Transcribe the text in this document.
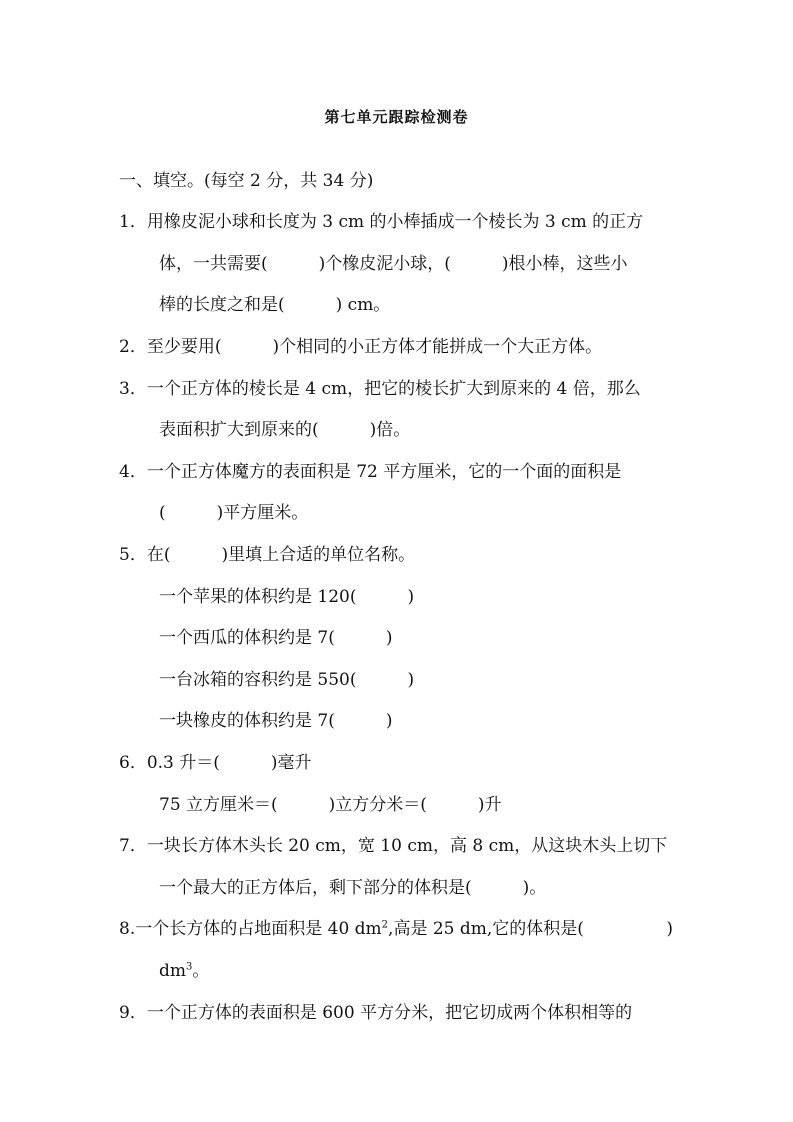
第七单元跟踪检测卷
一、填空。(每空 2 分，共 34 分)
1．用橡皮泥小球和长度为 3 cm 的小棒插成一个棱长为 3 cm 的正方
体，一共需要(　　　)个橡皮泥小球，(　　　)根小棒，这些小
棒的长度之和是(　　　) cm。
2．至少要用(　　　)个相同的小正方体才能拼成一个大正方体。
3．一个正方体的棱长是 4 cm，把它的棱长扩大到原来的 4 倍，那么
表面积扩大到原来的(　　　)倍。
4．一个正方体魔方的表面积是 72 平方厘米，它的一个面的面积是
(　　　)平方厘米。
5．在(　　　)里填上合适的单位名称。
一个苹果的体积约是 120(　　　)
一个西瓜的体积约是 7(　　　)
一台冰箱的容积约是 550(　　　)
一块橡皮的体积约是 7(　　　)
6．0.3 升＝(　　　)毫升
75 立方厘米＝(　　　)立方分米＝(　　　)升
7．一块长方体木头长 20 cm，宽 10 cm，高 8 cm，从这块木头上切下
一个最大的正方体后，剩下部分的体积是(　　　)。
8.一个长方体的占地面积是 40 $dm^2$,高是 25 dm,它的体积是(	)
$dm^3$。
9．一个正方体的表面积是 600 平方分米，把它切成两个体积相等的
